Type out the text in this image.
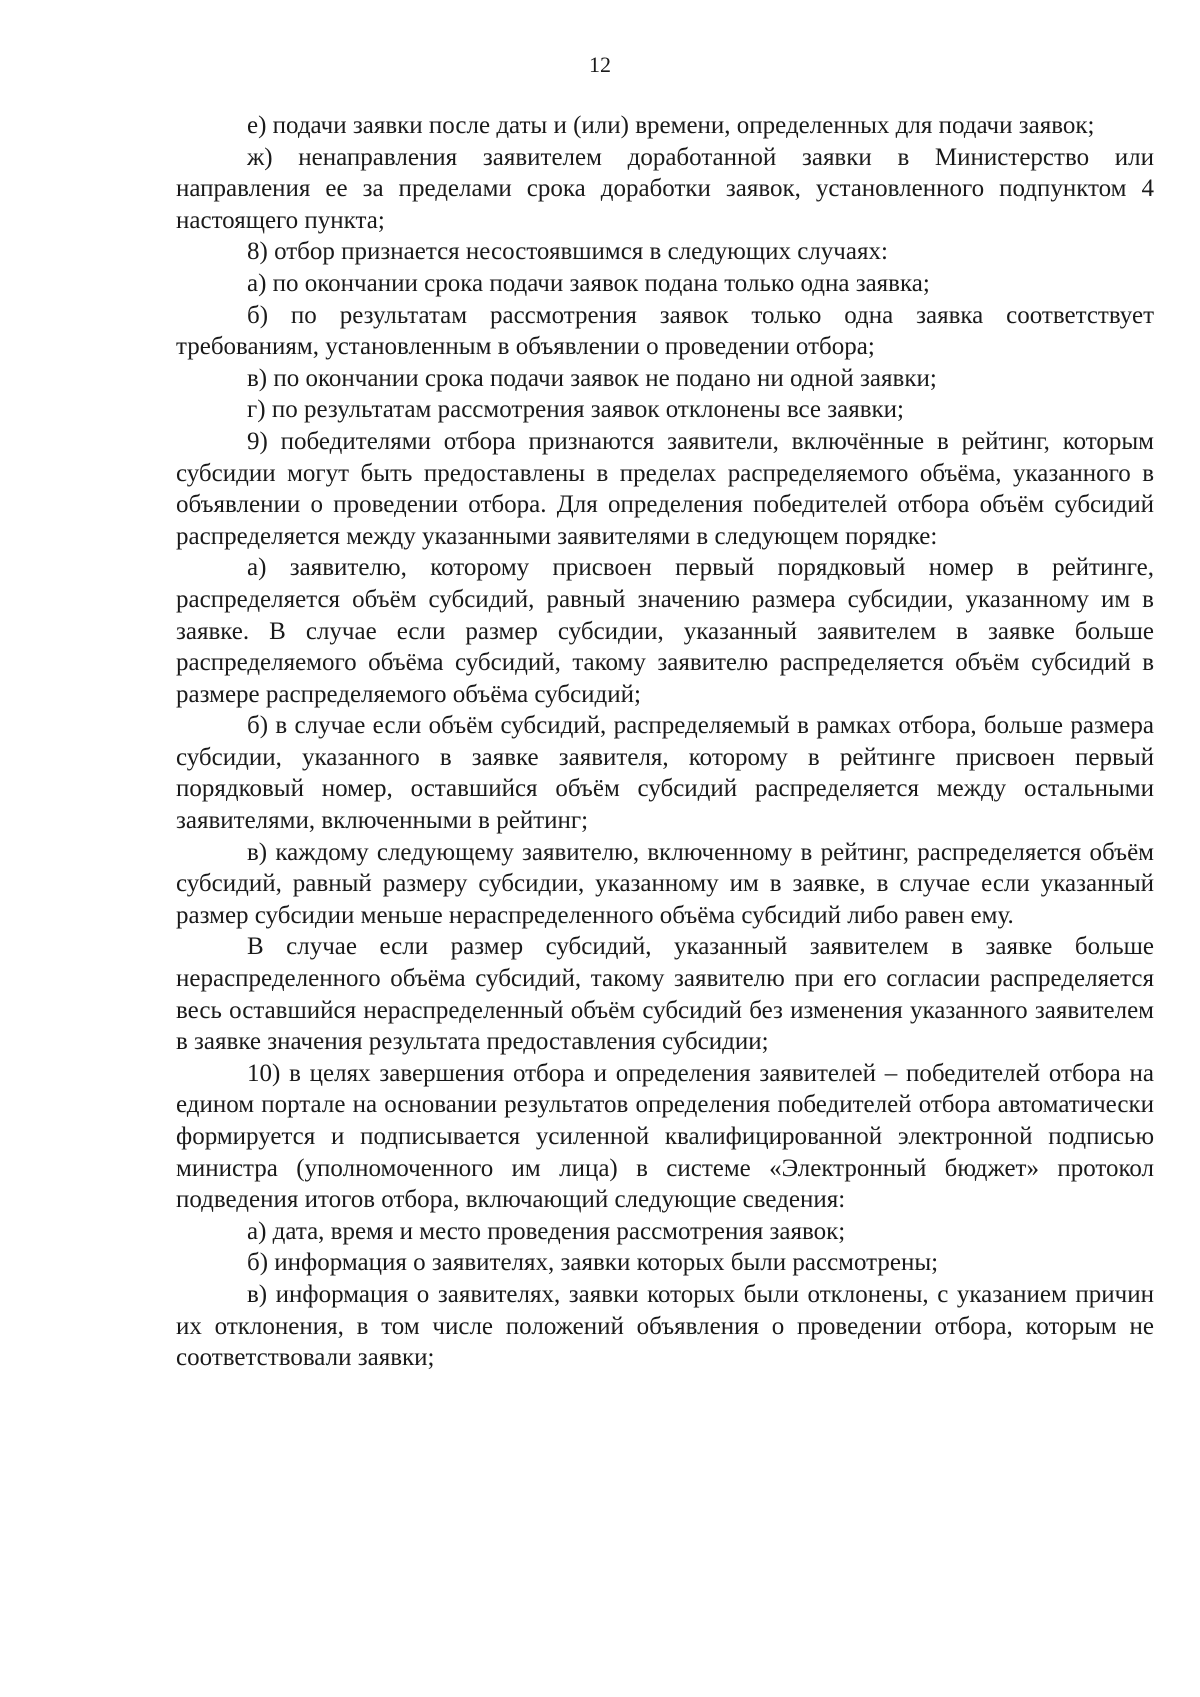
12

е) подачи заявки после даты и (или) времени, определенных для подачи заявок;

ж) ненаправления заявителем доработанной заявки в Министерство или направления ее за пределами срока доработки заявок, установленного подпунктом 4 настоящего пункта;

8) отбор признается несостоявшимся в следующих случаях:

а) по окончании срока подачи заявок подана только одна заявка;

б) по результатам рассмотрения заявок только одна заявка соответствует требованиям, установленным в объявлении о проведении отбора;

в) по окончании срока подачи заявок не подано ни одной заявки;

г) по результатам рассмотрения заявок отклонены все заявки;

9) победителями отбора признаются заявители, включённые в рейтинг, которым субсидии могут быть предоставлены в пределах распределяемого объёма, указанного в объявлении о проведении отбора. Для определения победителей отбора объём субсидий распределяется между указанными заявителями в следующем порядке:

а) заявителю, которому присвоен первый порядковый номер в рейтинге, распределяется объём субсидий, равный значению размера субсидии, указанному им в заявке. В случае если размер субсидии, указанный заявителем в заявке больше распределяемого объёма субсидий, такому заявителю распределяется объём субсидий в размере распределяемого объёма субсидий;

б) в случае если объём субсидий, распределяемый в рамках отбора, больше размера субсидии, указанного в заявке заявителя, которому в рейтинге присвоен первый порядковый номер, оставшийся объём субсидий распределяется между остальными заявителями, включенными в рейтинг;

в) каждому следующему заявителю, включенному в рейтинг, распределяется объём субсидий, равный размеру субсидии, указанному им в заявке, в случае если указанный размер субсидии меньше нераспределенного объёма субсидий либо равен ему.

В случае если размер субсидий, указанный заявителем в заявке больше нераспределенного объёма субсидий, такому заявителю при его согласии распределяется весь оставшийся нераспределенный объём субсидий без изменения указанного заявителем в заявке значения результата предоставления субсидии;

10) в целях завершения отбора и определения заявителей – победителей отбора на едином портале на основании результатов определения победителей отбора автоматически формируется и подписывается усиленной квалифицированной электронной подписью министра (уполномоченного им лица) в системе «Электронный бюджет» протокол подведения итогов отбора, включающий следующие сведения:

а) дата, время и место проведения рассмотрения заявок;

б) информация о заявителях, заявки которых были рассмотрены;

в) информация о заявителях, заявки которых были отклонены, с указанием причин их отклонения, в том числе положений объявления о проведении отбора, которым не соответствовали заявки;
